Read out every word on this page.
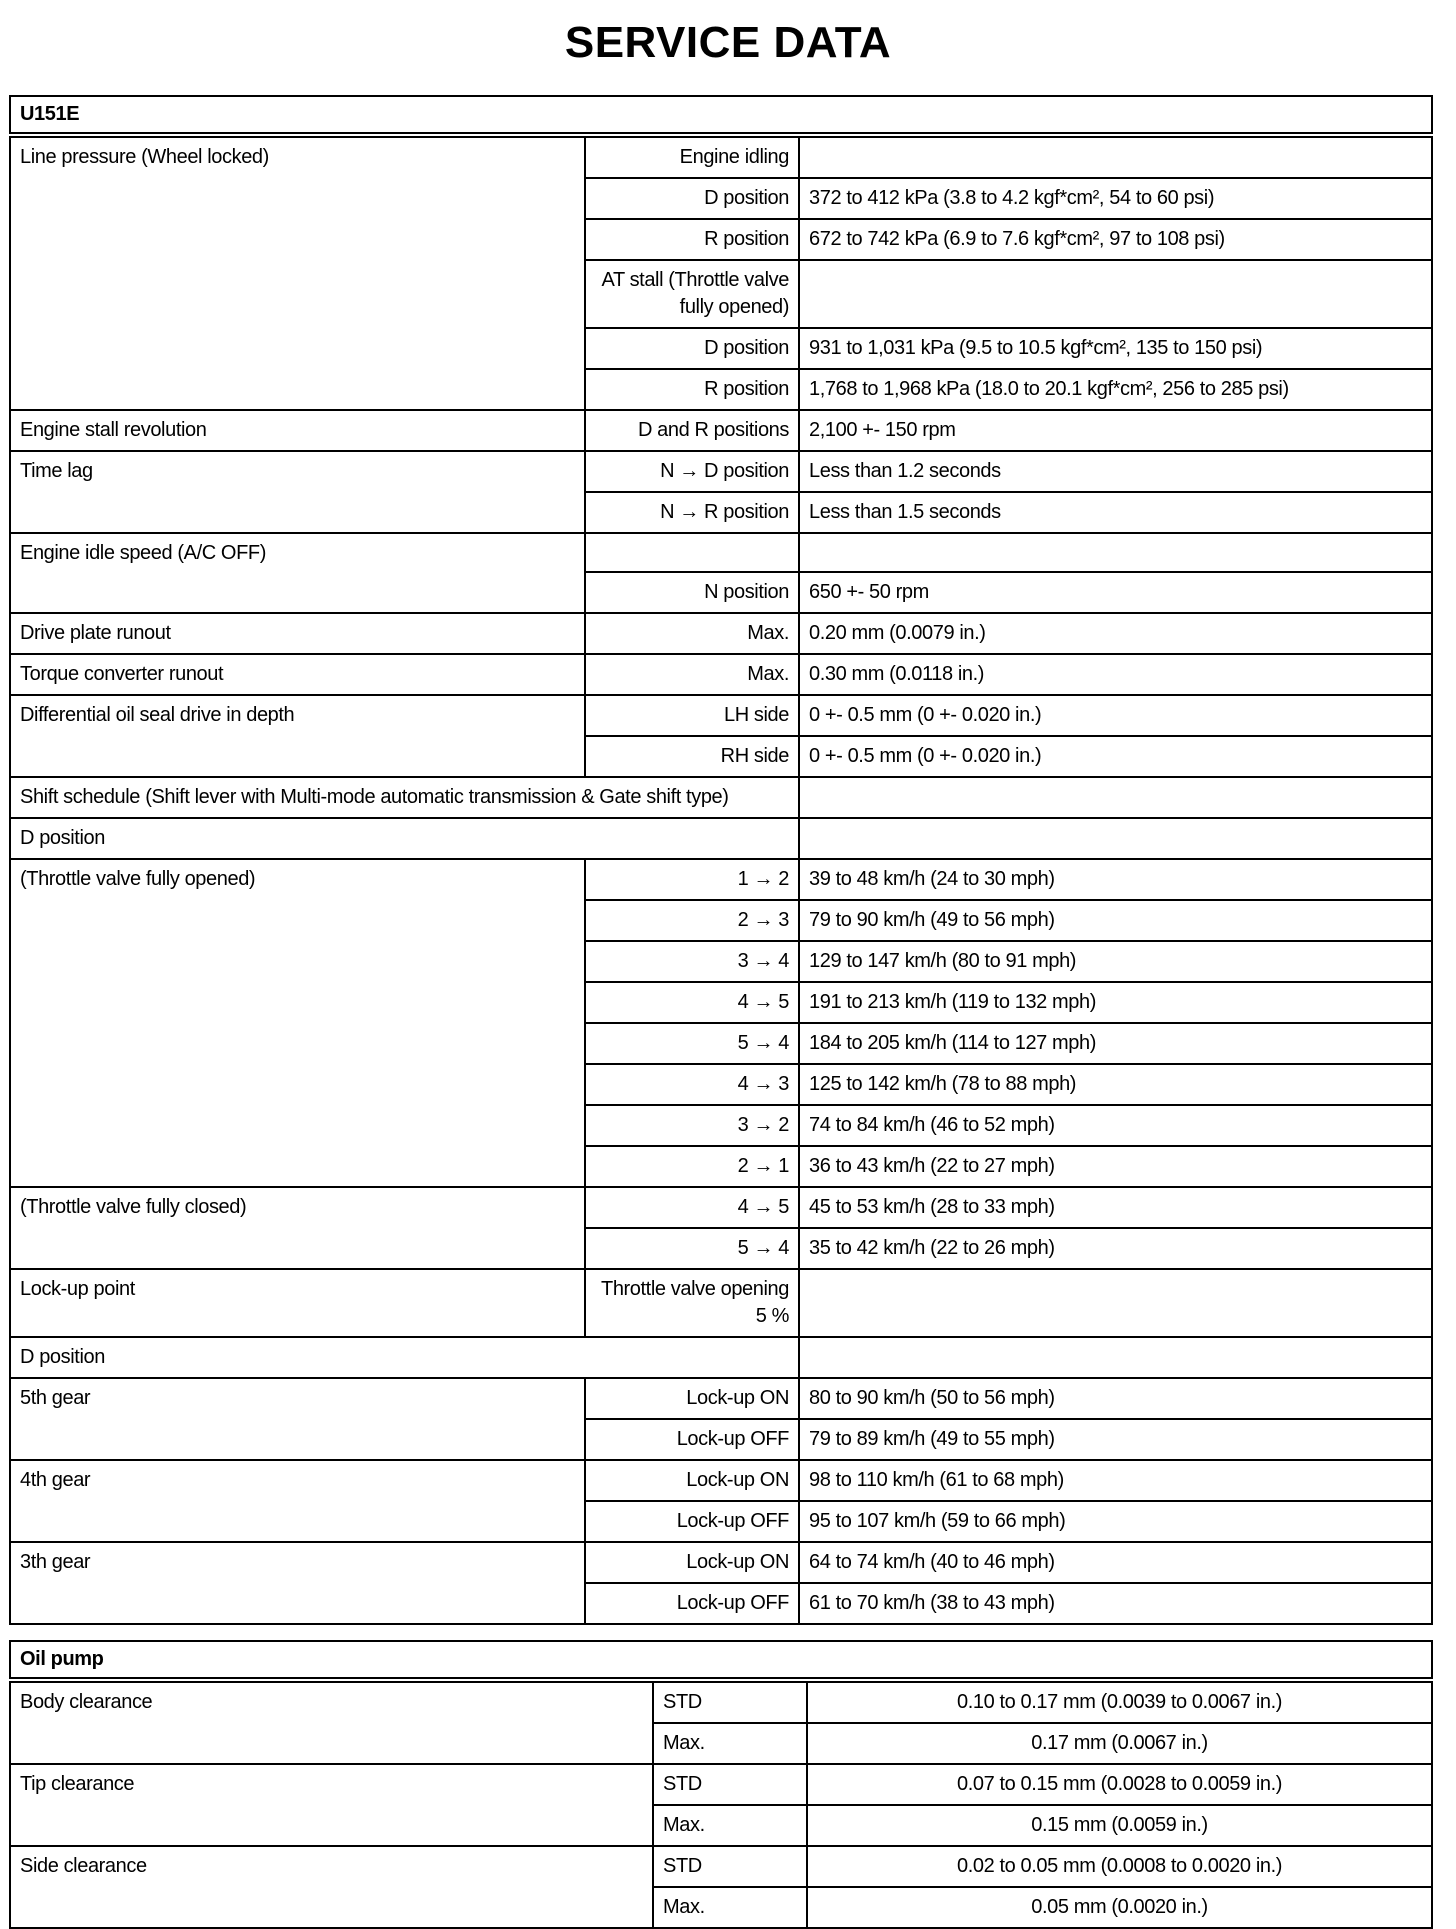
SERVICE DATA
U151E		
Line pressure (Wheel locked)	Engine idling	
	D position	372 to 412 kPa (3.8 to 4.2 kgf*cm², 54 to 60 psi)
	R position	672 to 742 kPa (6.9 to 7.6 kgf*cm², 97 to 108 psi)
	AT stall (Throttle valve fully opened)	
	D position	931 to 1,031 kPa (9.5 to 10.5 kgf*cm², 135 to 150 psi)
	R position	1,768 to 1,968 kPa (18.0 to 20.1 kgf*cm², 256 to 285 psi)
Engine stall revolution	D and R positions	2,100 +- 150 rpm
Time lag	N → D position	Less than 1.2 seconds
	N → R position	Less than 1.5 seconds
Engine idle speed (A/C OFF)		
	N position	650 +- 50 rpm
Drive plate runout	Max.	0.20 mm (0.0079 in.)
Torque converter runout	Max.	0.30 mm (0.0118 in.)
Differential oil seal drive in depth	LH side	0 +- 0.5 mm (0 +- 0.020 in.)
	RH side	0 +- 0.5 mm (0 +- 0.020 in.)
Shift schedule (Shift lever with Multi-mode automatic transmission & Gate shift type)		
D position		
(Throttle valve fully opened)	1 → 2	39 to 48 km/h (24 to 30 mph)
	2 → 3	79 to 90 km/h (49 to 56 mph)
	3 → 4	129 to 147 km/h (80 to 91 mph)
	4 → 5	191 to 213 km/h (119 to 132 mph)
	5 → 4	184 to 205 km/h (114 to 127 mph)
	4 → 3	125 to 142 km/h (78 to 88 mph)
	3 → 2	74 to 84 km/h (46 to 52 mph)
	2 → 1	36 to 43 km/h (22 to 27 mph)
(Throttle valve fully closed)	4 → 5	45 to 53 km/h (28 to 33 mph)
	5 → 4	35 to 42 km/h (22 to 26 mph)
Lock-up point	Throttle valve opening 5 %	
D position		
5th gear	Lock-up ON	80 to 90 km/h (50 to 56 mph)
	Lock-up OFF	79 to 89 km/h (49 to 55 mph)
4th gear	Lock-up ON	98 to 110 km/h (61 to 68 mph)
	Lock-up OFF	95 to 107 km/h (59 to 66 mph)
3th gear	Lock-up ON	64 to 74 km/h (40 to 46 mph)
	Lock-up OFF	61 to 70 km/h (38 to 43 mph)
Oil pump		
Body clearance	STD	0.10 to 0.17 mm (0.0039 to 0.0067 in.)
	Max.	0.17 mm (0.0067 in.)
Tip clearance	STD	0.07 to 0.15 mm (0.0028 to 0.0059 in.)
	Max.	0.15 mm (0.0059 in.)
Side clearance	STD	0.02 to 0.05 mm (0.0008 to 0.0020 in.)
	Max.	0.05 mm (0.0020 in.)
